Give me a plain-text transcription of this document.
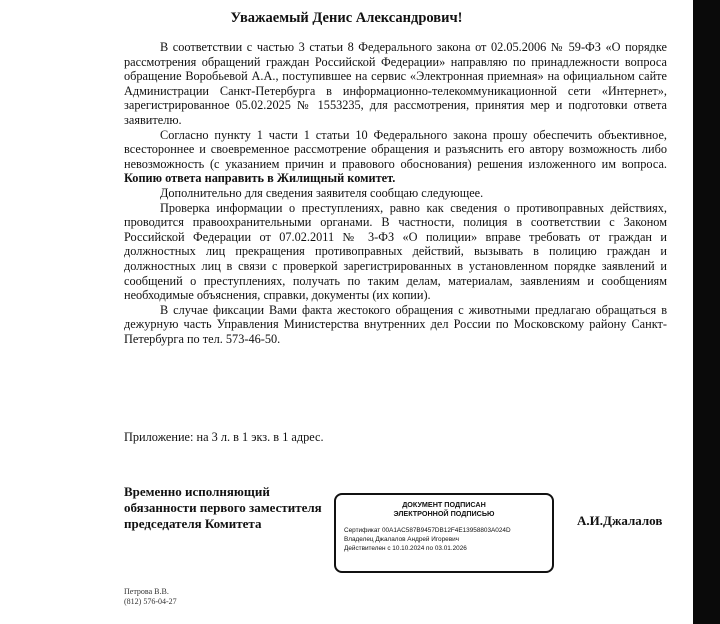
Уважаемый Денис Александрович!

В соответствии с частью 3 статьи 8 Федерального закона от 02.05.2006 № 59-ФЗ «О порядке рассмотрения обращений граждан Российской Федерации» направляю по принадлежности вопроса обращение Воробьевой А.А., поступившее на сервис «Электронная приемная» на официальном сайте Администрации Санкт-Петербурга в информационно-телекоммуникационной сети «Интернет», зарегистрированное 05.02.2025 № 1553235, для рассмотрения, принятия мер и подготовки ответа заявителю.

Согласно пункту 1 части 1 статьи 10 Федерального закона прошу обеспечить объективное, всестороннее и своевременное рассмотрение обращения и разъяснить его автору возможность либо невозможность (с указанием причин и правового обоснования) решения изложенного им вопроса. Копию ответа направить в Жилищный комитет.

Дополнительно для сведения заявителя сообщаю следующее.

Проверка информации о преступлениях, равно как сведения о противоправных действиях, проводится правоохранительными органами. В частности, полиция в соответствии с Законом Российской Федерации от 07.02.2011 № 3-ФЗ «О полиции» вправе требовать от граждан и должностных лиц прекращения противоправных действий, вызывать в полицию граждан и должностных лиц в связи с проверкой зарегистрированных в установленном порядке заявлений и сообщений о преступлениях, получать по таким делам, материалам, заявлениям и сообщениям необходимые объяснения, справки, документы (их копии).

В случае фиксации Вами факта жестокого обращения с животными предлагаю обращаться в дежурную часть Управления Министерства внутренних дел России по Московскому району Санкт-Петербурга по тел. 573-46-50.

Приложение: на 3 л. в 1 экз. в 1 адрес.
Временно исполняющий обязанности первого заместителя председателя Комитета
ДОКУМЕНТ ПОДПИСАН
ЭЛЕКТРОННОЙ ПОДПИСЬЮ
Сертификат 00A1AC587B9457DB12F4E13958803A024D
Владелец Джалалов Андрей Игоревич
Действителен с 10.10.2024 по 03.01.2026
А.И.Джалалов
Петрова В.В.
(812) 576-04-27
